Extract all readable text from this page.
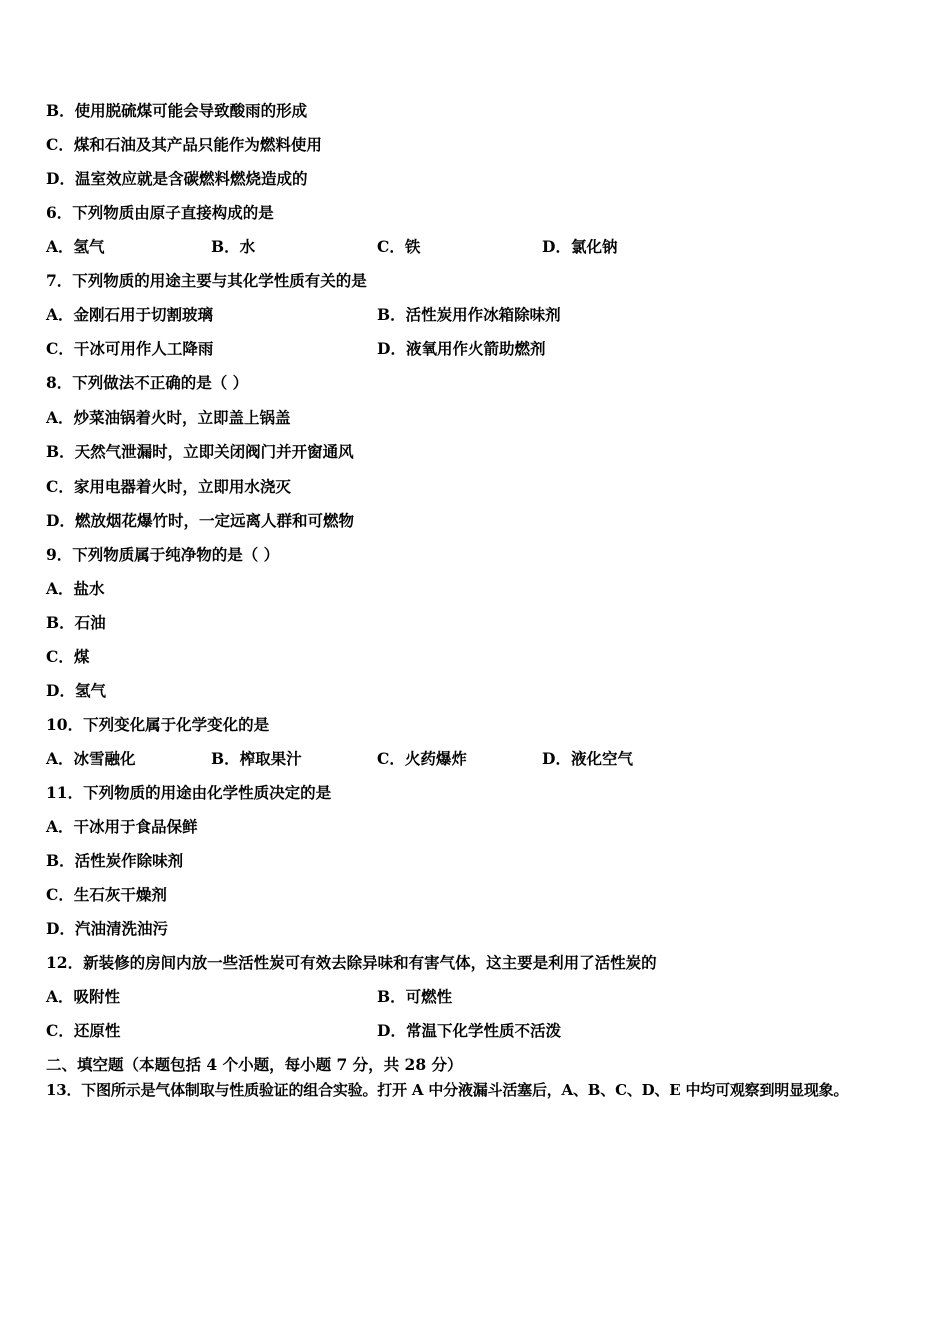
B．使用脱硫煤可能会导致酸雨的形成
C．煤和石油及其产品只能作为燃料使用
D．温室效应就是含碳燃料燃烧造成的
6．下列物质由原子直接构成的是
A．氢气	B．水	C．铁	D．氯化钠
7．下列物质的用途主要与其化学性质有关的是
A．金刚石用于切割玻璃	B．活性炭用作冰箱除味剂
C．干冰可用作人工降雨	D．液氧用作火箭助燃剂
8．下列做法不正确的是（ ）
A．炒菜油锅着火时，立即盖上锅盖
B．天然气泄漏时，立即关闭阀门并开窗通风
C．家用电器着火时，立即用水浇灭
D．燃放烟花爆竹时，一定远离人群和可燃物
9．下列物质属于纯净物的是（ ）
A．盐水
B．石油
C．煤
D．氢气
10．下列变化属于化学变化的是
A．冰雪融化	B．榨取果汁	C．火药爆炸	D．液化空气
11．下列物质的用途由化学性质决定的是
A．干冰用于食品保鲜
B．活性炭作除味剂
C．生石灰干燥剂
D．汽油清洗油污
12．新装修的房间内放一些活性炭可有效去除异味和有害气体，这主要是利用了活性炭的
A．吸附性	B．可燃性
C．还原性	D．常温下化学性质不活泼
二、填空题（本题包括 4 个小题，每小题 7 分，共 28 分）
13．下图所示是气体制取与性质验证的组合实验。打开 A 中分液漏斗活塞后，A、B、C、D、E 中均可观察到明显现象。
